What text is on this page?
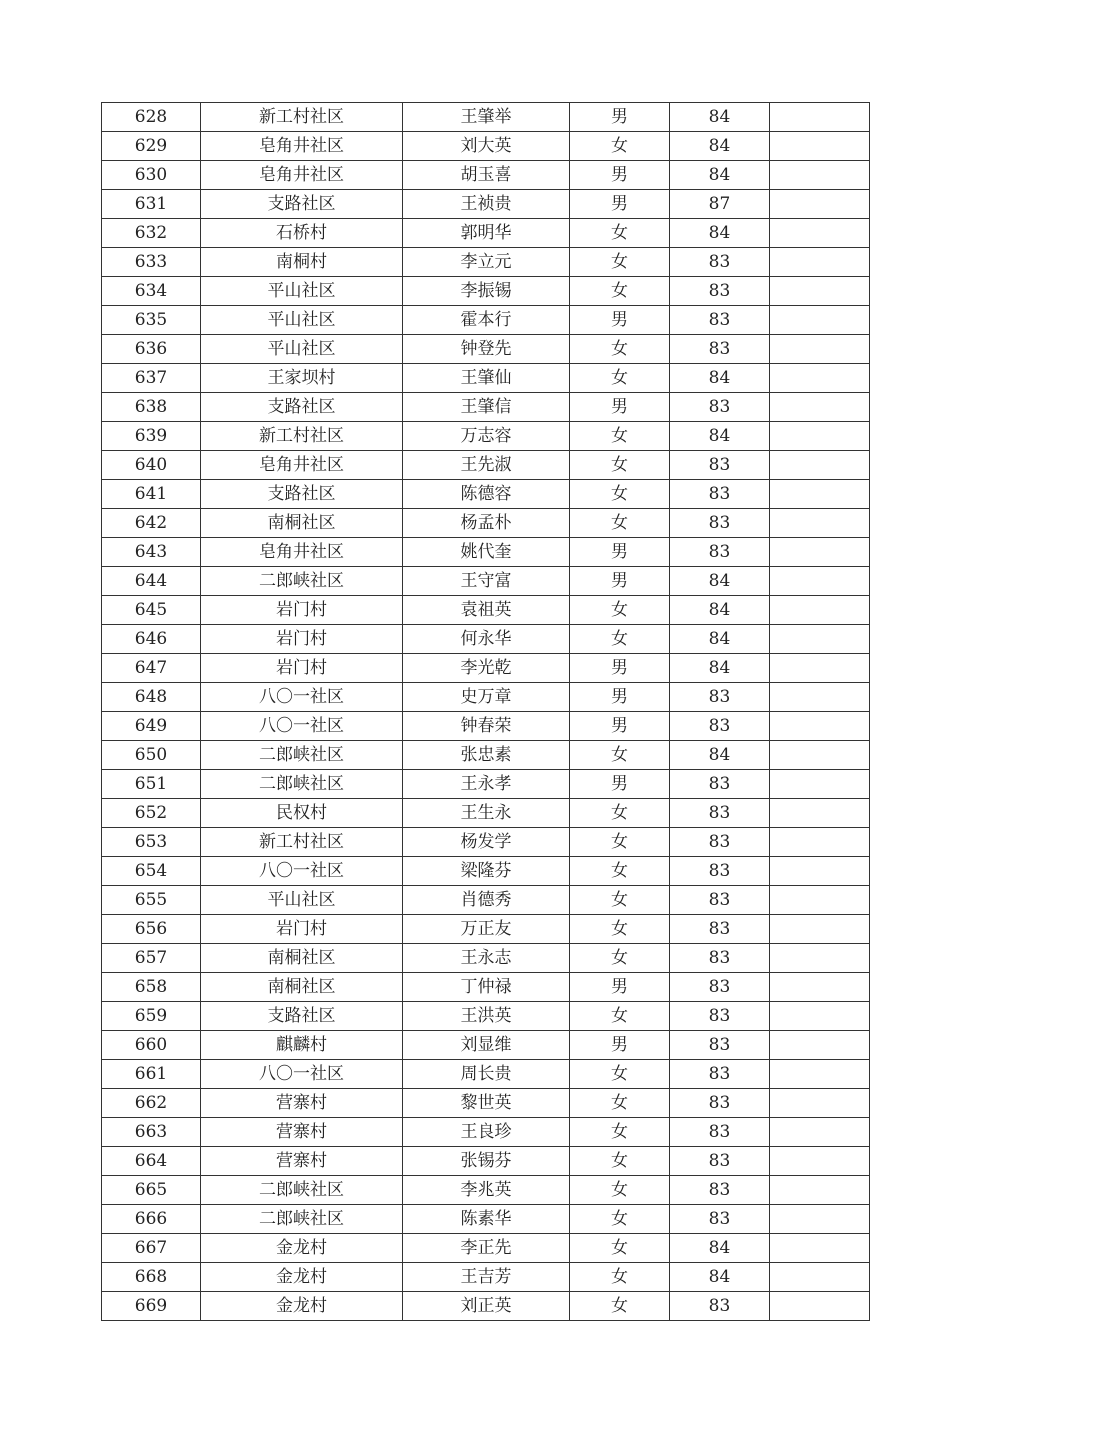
628	新工村社区	王肇举	男	84	
629	皂角井社区	刘大英	女	84	
630	皂角井社区	胡玉喜	男	84	
631	支路社区	王祯贵	男	87	
632	石桥村	郭明华	女	84	
633	南桐村	李立元	女	83	
634	平山社区	李振锡	女	83	
635	平山社区	霍本行	男	83	
636	平山社区	钟登先	女	83	
637	王家坝村	王肇仙	女	84	
638	支路社区	王肇信	男	83	
639	新工村社区	万志容	女	84	
640	皂角井社区	王先淑	女	83	
641	支路社区	陈德容	女	83	
642	南桐社区	杨孟朴	女	83	
643	皂角井社区	姚代奎	男	83	
644	二郎峡社区	王守富	男	84	
645	岩门村	袁祖英	女	84	
646	岩门村	何永华	女	84	
647	岩门村	李光乾	男	84	
648	八〇一社区	史万章	男	83	
649	八〇一社区	钟春荣	男	83	
650	二郎峡社区	张忠素	女	84	
651	二郎峡社区	王永孝	男	83	
652	民权村	王生永	女	83	
653	新工村社区	杨发学	女	83	
654	八〇一社区	梁隆芬	女	83	
655	平山社区	肖德秀	女	83	
656	岩门村	万正友	女	83	
657	南桐社区	王永志	女	83	
658	南桐社区	丁仲禄	男	83	
659	支路社区	王洪英	女	83	
660	麒麟村	刘显维	男	83	
661	八〇一社区	周长贵	女	83	
662	营寨村	黎世英	女	83	
663	营寨村	王良珍	女	83	
664	营寨村	张锡芬	女	83	
665	二郎峡社区	李兆英	女	83	
666	二郎峡社区	陈素华	女	83	
667	金龙村	李正先	女	84	
668	金龙村	王吉芳	女	84	
669	金龙村	刘正英	女	83	
